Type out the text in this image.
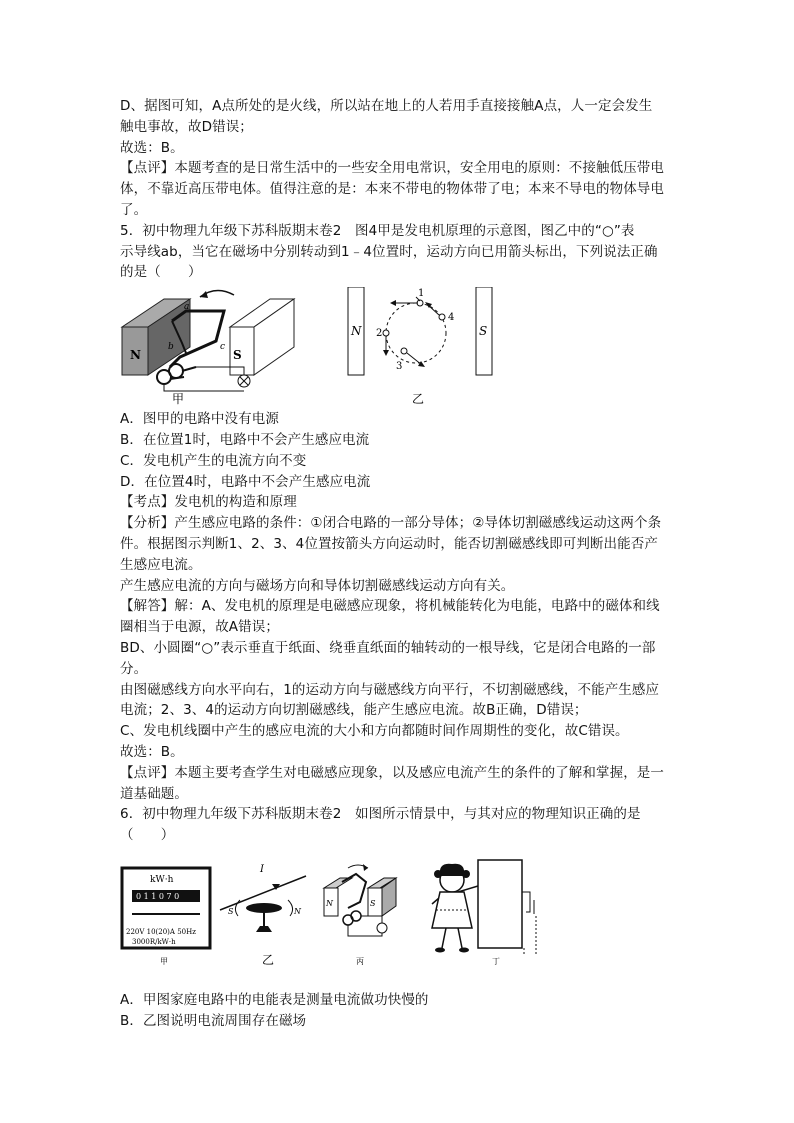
D、据图可知，A点所处的是火线，所以站在地上的人若用手直接接触A点，人一定会发生
触电事故，故D错误；
故选：B。
【点评】本题考查的是日常生活中的一些安全用电常识，安全用电的原则：不接触低压带电
体，不靠近高压带电体。值得注意的是：本来不带电的物体带了电；本来不导电的物体导电
了。
5．初中物理九年级下苏科版期末卷2　图4甲是发电机原理的示意图，图乙中的“○”表
示导线ab，当它在磁场中分别转动到1﹣4位置时，运动方向已用箭头标出，下列说法正确
的是（　　）
N	S
a
b	c
甲
N	S
1
2
3
4
乙
A．图甲的电路中没有电源
B．在位置1时，电路中不会产生感应电流
C．发电机产生的电流方向不变
D．在位置4时，电路中不会产生感应电流
【考点】发电机的构造和原理
【分析】产生感应电路的条件：①闭合电路的一部分导体；②导体切割磁感线运动这两个条
件。根据图示判断1、2、3、4位置按箭头方向运动时，能否切割磁感线即可判断出能否产
生感应电流。
产生感应电流的方向与磁场方向和导体切割磁感线运动方向有关。
【解答】解：A、发电机的原理是电磁感应现象，将机械能转化为电能，电路中的磁体和线
圈相当于电源，故A错误；
BD、小圆圈“○”表示垂直于纸面、绕垂直纸面的轴转动的一根导线，它是闭合电路的一部
分。
由图磁感线方向水平向右，1的运动方向与磁感线方向平行，不切割磁感线，不能产生感应
电流；2、3、4的运动方向切割磁感线，能产生感应电流。故B正确，D错误；
C、发电机线圈中产生的感应电流的大小和方向都随时间作周期性的变化，故C错误。
故选：B。
【点评】本题主要考查学生对电磁感应现象，以及感应电流产生的条件的了解和掌握，是一
道基础题。
6．初中物理九年级下苏科版期末卷2　如图所示情景中，与其对应的物理知识正确的是
（　　）
kW·h
0 1 1 0 7 0
220V 10(20)A 50Hz
3000R/kW·h
甲
I
S	N
乙
N	S
丙	丁
A．甲图家庭电路中的电能表是测量电流做功快慢的
B．乙图说明电流周围存在磁场
